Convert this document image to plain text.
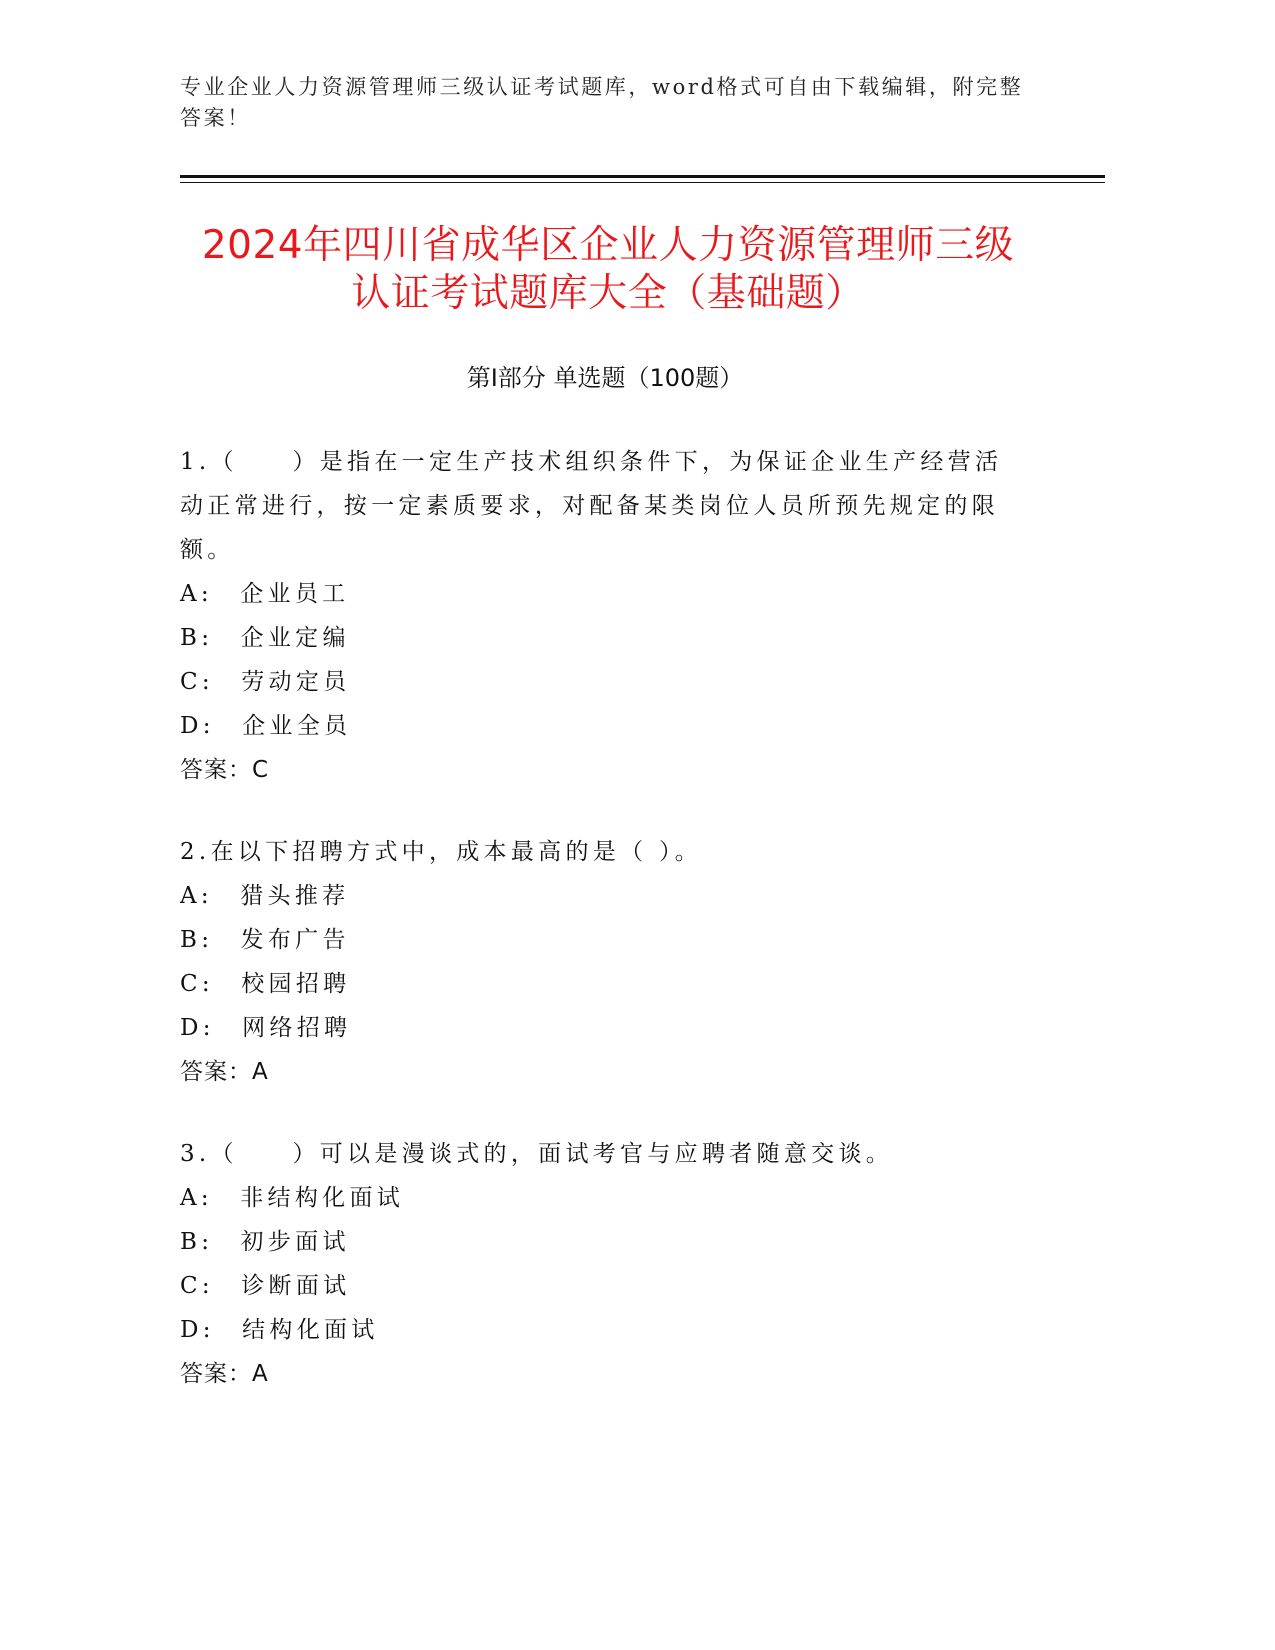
专业企业人力资源管理师三级认证考试题库，word格式可自由下载编辑，附完整答案！

2024年四川省成华区企业人力资源管理师三级认证考试题库大全（基础题）
第I部分 单选题（100题）

1.（　　）是指在一定生产技术组织条件下，为保证企业生产经营活动正常进行，按一定素质要求，对配备某类岗位人员所预先规定的限额。

A:　企业员工

B:　企业定编

C:　劳动定员

D:　企业全员

答案：C

2.在以下招聘方式中，成本最高的是（ ）。

A:　猎头推荐

B:　发布广告

C:　校园招聘

D:　网络招聘

答案：A

3.（　　）可以是漫谈式的，面试考官与应聘者随意交谈。

A:　非结构化面试

B:　初步面试

C:　诊断面试

D:　结构化面试

答案：A
